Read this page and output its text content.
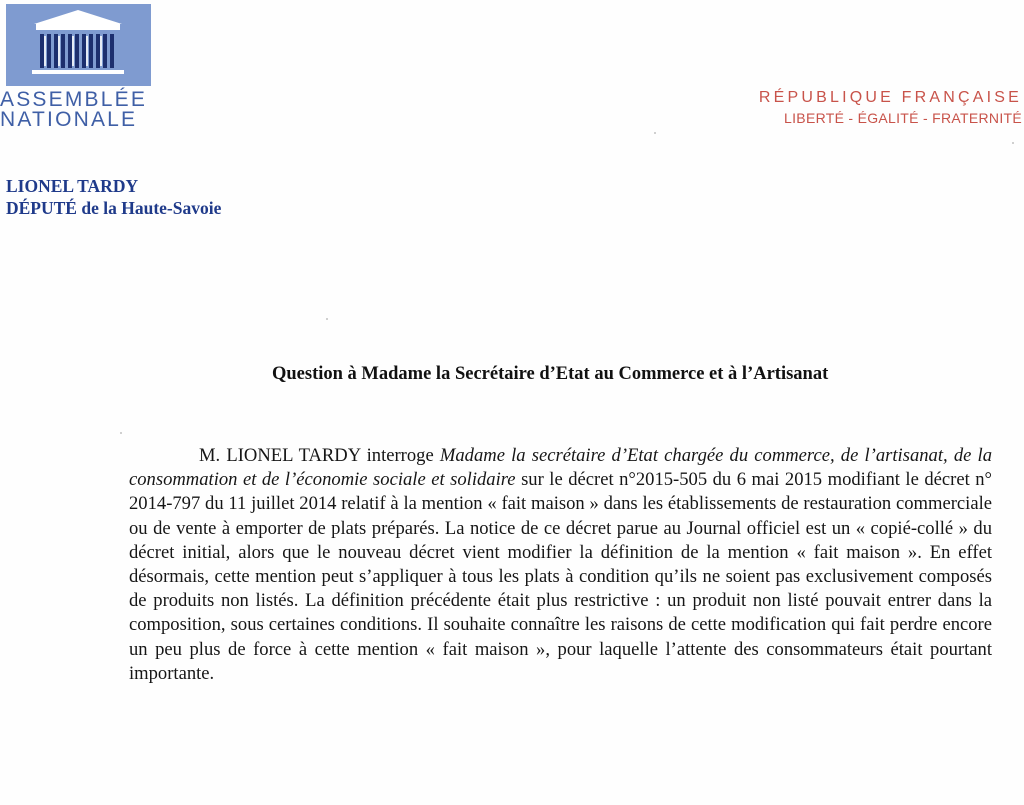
ASSEMBLÉE
NATIONALE
RÉPUBLIQUE FRANÇAISE
LIBERTÉ - ÉGALITÉ - FRATERNITÉ
LIONEL TARDY
DÉPUTÉ de la Haute-Savoie
Question à Madame la Secrétaire d’Etat au Commerce et à l’Artisanat
M. LIONEL TARDY interroge Madame la secrétaire d’Etat chargée du commerce, de l’artisanat, de la consommation et de l’économie sociale et solidaire sur le décret n°2015-505 du 6 mai 2015 modifiant le décret n° 2014-797 du 11 juillet 2014 relatif à la mention « fait maison » dans les établissements de restauration commerciale ou de vente à emporter de plats préparés. La notice de ce décret parue au Journal officiel est un « copié-collé » du décret initial, alors que le nouveau décret vient modifier la définition de la mention « fait maison ». En effet désormais, cette mention peut s’appliquer à tous les plats à condition qu’ils ne soient pas exclusivement composés de produits non listés. La définition précédente était plus restrictive : un produit non listé pouvait entrer dans la composition, sous certaines conditions. Il souhaite connaître les raisons de cette modification qui fait perdre encore un peu plus de force à cette mention « fait maison », pour laquelle l’attente des consommateurs était pourtant importante.
